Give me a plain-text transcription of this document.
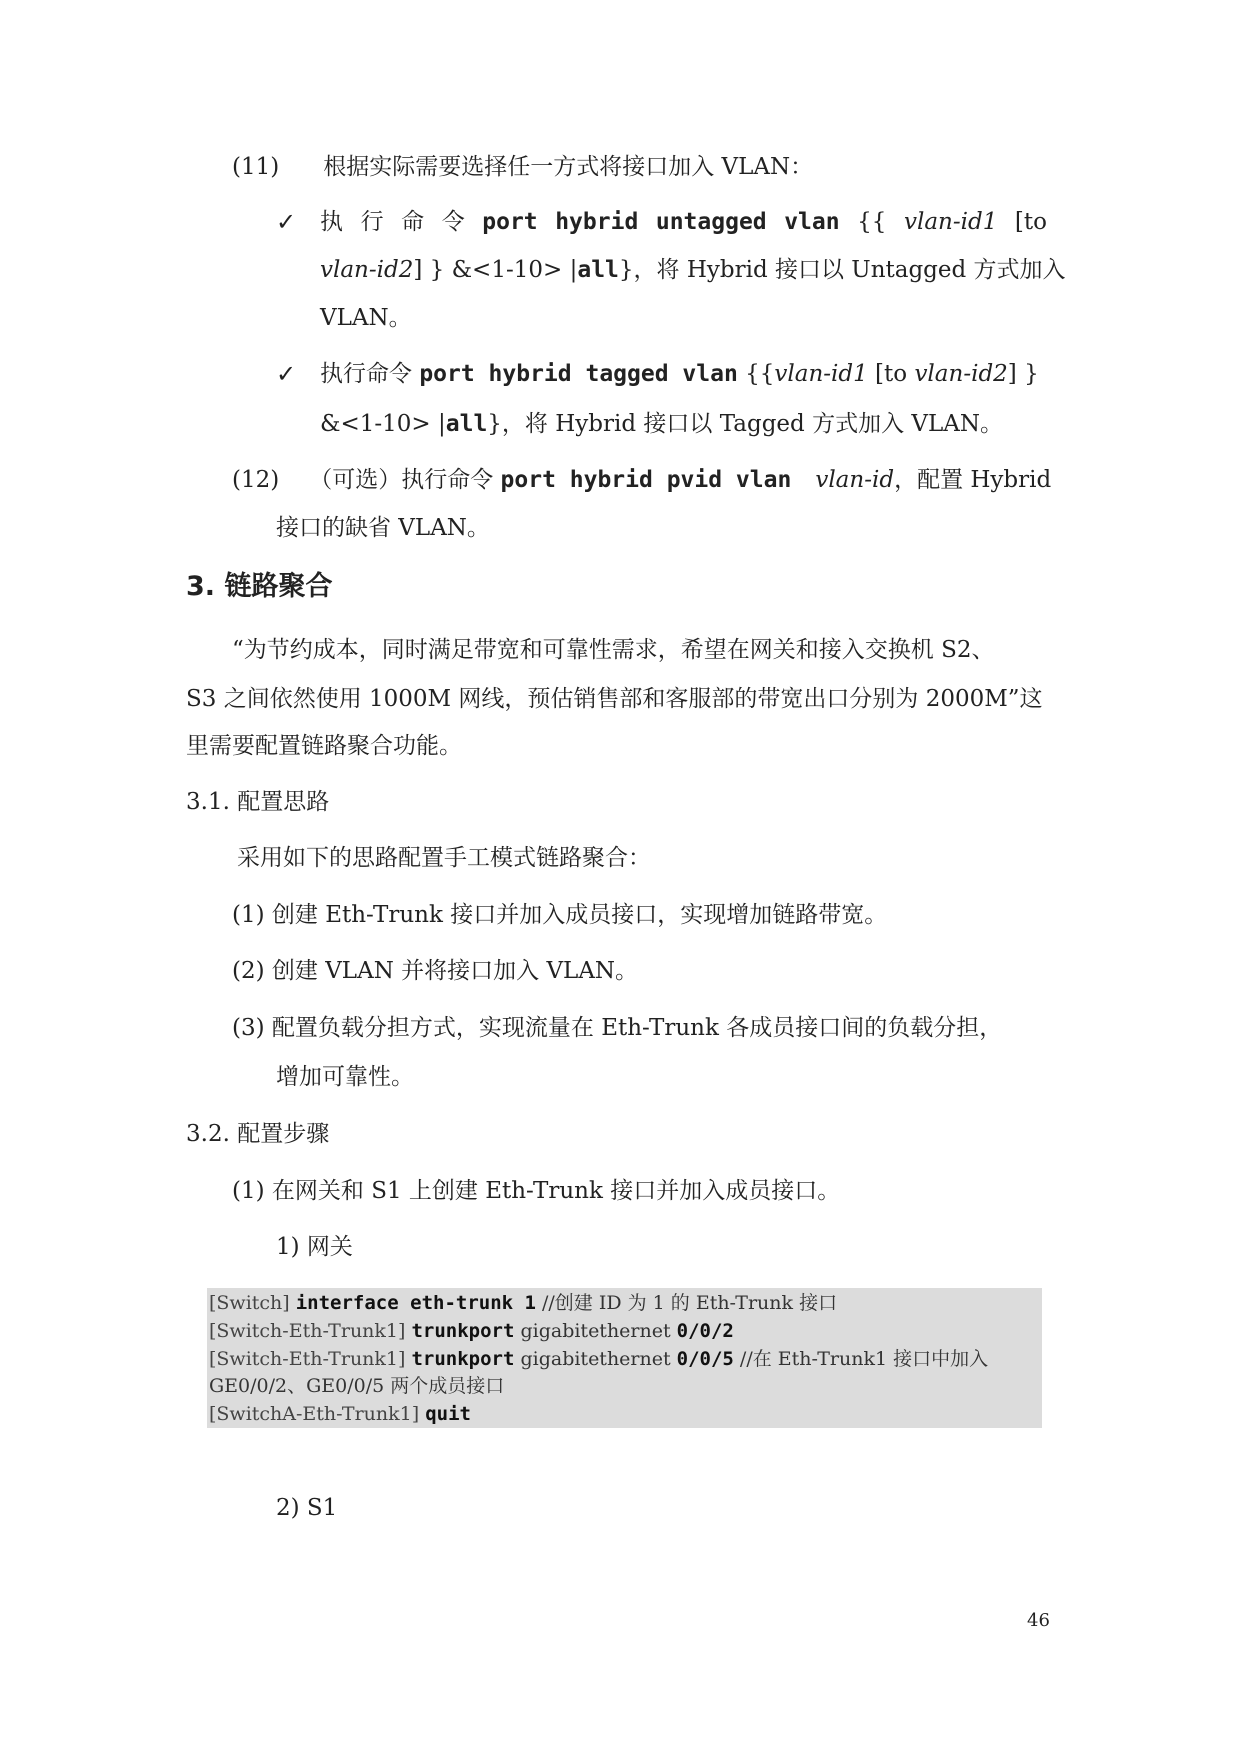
(11) 根据实际需要选择任一方式将接口加入 VLAN：
✓ 执 行 命 令 port hybrid untagged vlan {{ vlan-id1 [to
vlan-id2] } &<1-10> |all}，将 Hybrid 接口以 Untagged 方式加入
VLAN。
✓ 执行命令 port hybrid tagged vlan {{vlan-id1 [to vlan-id2] }
&<1-10> |all}，将 Hybrid 接口以 Tagged 方式加入 VLAN。
(12) （可选）执行命令 port hybrid pvid vlan vlan-id，配置 Hybrid
接口的缺省 VLAN。
3. 链路聚合
“为节约成本，同时满足带宽和可靠性需求，希望在网关和接入交换机 S2、
S3 之间依然使用 1000M 网线，预估销售部和客服部的带宽出口分别为 2000M”这
里需要配置链路聚合功能。
3.1. 配置思路
采用如下的思路配置手工模式链路聚合：
(1) 创建 Eth-Trunk 接口并加入成员接口，实现增加链路带宽。
(2) 创建 VLAN 并将接口加入 VLAN。
(3) 配置负载分担方式，实现流量在 Eth-Trunk 各成员接口间的负载分担，
增加可靠性。
3.2. 配置步骤
(1) 在网关和 S1 上创建 Eth-Trunk 接口并加入成员接口。
1) 网关
[Switch] interface eth-trunk 1 //创建 ID 为 1 的 Eth-Trunk 接口
[Switch-Eth-Trunk1] trunkport gigabitethernet 0/0/2
[Switch-Eth-Trunk1] trunkport gigabitethernet 0/0/5 //在 Eth-Trunk1 接口中加入
GE0/0/2、GE0/0/5 两个成员接口
[SwitchA-Eth-Trunk1] quit
2) S1
46
